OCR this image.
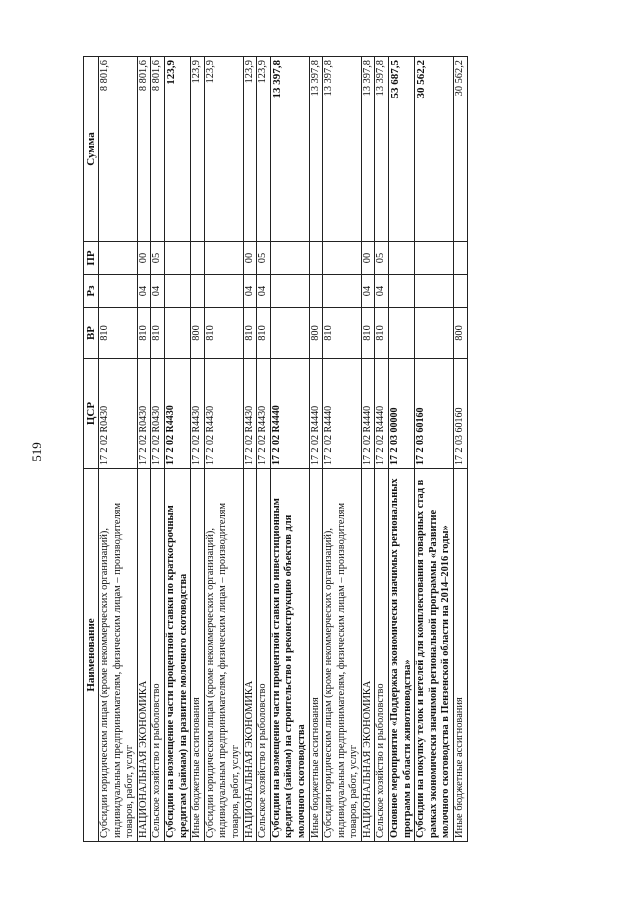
519
Наименование	ЦСР	ВР	Рз	ПР	Сумма
Субсидии юридическим лицам (кроме некоммерческих организаций), индивидуальным предпринимателям, физическим лицам – производителям товаров, работ, услуг	17 2 02 R0430	810			8 801,6
НАЦИОНАЛЬНАЯ ЭКОНОМИКА	17 2 02 R0430	810	04	00	8 801,6
Сельское хозяйство и рыболовство	17 2 02 R0430	810	04	05	8 801,6
Субсидии на возмещение части процентной ставки по краткосрочным кредитам (займам) на развитие молочного скотоводства	17 2 02 R4430				123,9
Иные бюджетные ассигнования	17 2 02 R4430	800			123,9
Субсидии юридическим лицам (кроме некоммерческих организаций), индивидуальным предпринимателям, физическим лицам – производителям товаров, работ, услуг	17 2 02 R4430	810			123,9
НАЦИОНАЛЬНАЯ ЭКОНОМИКА	17 2 02 R4430	810	04	00	123,9
Сельское хозяйство и рыболовство	17 2 02 R4430	810	04	05	123,9
Субсидии на возмещение части процентной ставки по инвестиционным кредитам (займам) на строительство и реконструкцию объектов для молочного скотоводства	17 2 02 R4440				13 397,8
Иные бюджетные ассигнования	17 2 02 R4440	800			13 397,8
Субсидии юридическим лицам (кроме некоммерческих организаций), индивидуальным предпринимателям, физическим лицам – производителям товаров, работ, услуг	17 2 02 R4440	810			13 397,8
НАЦИОНАЛЬНАЯ ЭКОНОМИКА	17 2 02 R4440	810	04	00	13 397,8
Сельское хозяйство и рыболовство	17 2 02 R4440	810	04	05	13 397,8
Основное мероприятие «Поддержка экономически значимых региональных программ в области животноводства»	17 2 03 00000				53 687,5
Субсидии на покупку телок и нетелей для комплектования товарных стад в рамках экономически значимой региональной программы «Развитие молочного скотоводства в Пензенской области на 2014–2016 годы»	17 2 03 60160				30 562,2
Иные бюджетные ассигнования	17 2 03 60160	800			30 562,2
